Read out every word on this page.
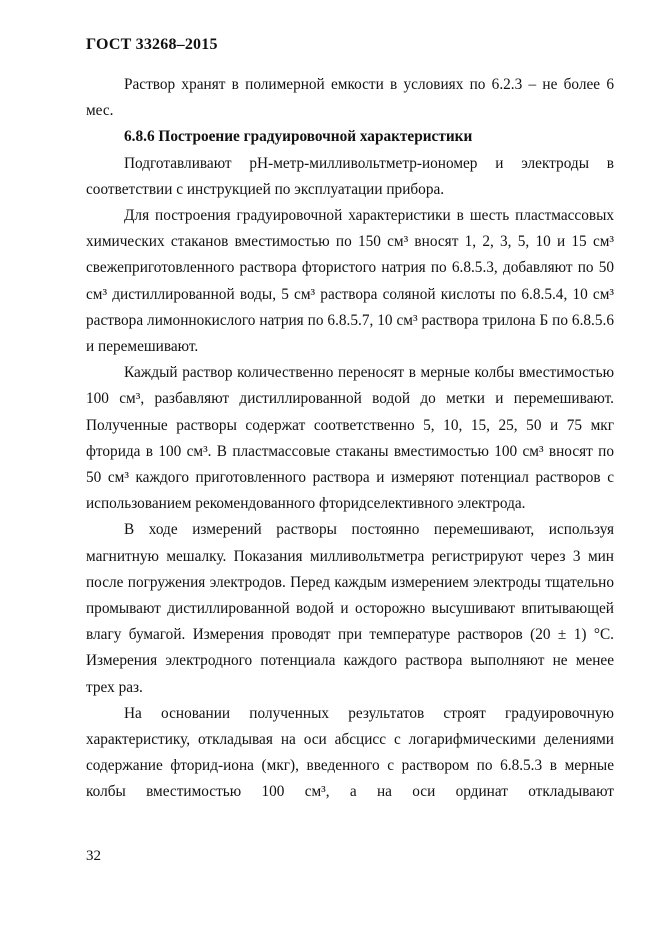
ГОСТ 33268–2015

Раствор хранят в полимерной емкости в условиях по 6.2.3 – не более 6 мес.

6.8.6 Построение градуировочной характеристики

Подготавливают рН-метр-милливольтметр-иономер и электроды в соответствии с инструкцией по эксплуатации прибора.

Для построения градуировочной характеристики в шесть пластмассовых химических стаканов вместимостью по 150 см³ вносят 1, 2, 3, 5, 10 и 15 см³ свежеприготовленного раствора фтористого натрия по 6.8.5.3, добавляют по 50 см³ дистиллированной воды, 5 см³ раствора соляной кислоты по 6.8.5.4, 10 см³ раствора лимоннокислого натрия по 6.8.5.7, 10 см³ раствора трилона Б по 6.8.5.6 и перемешивают.

Каждый раствор количественно переносят в мерные колбы вместимостью 100 см³, разбавляют дистиллированной водой до метки и перемешивают. Полученные растворы содержат соответственно 5, 10, 15, 25, 50 и 75 мкг фторида в 100 см³. В пластмассовые стаканы вместимостью 100 см³ вносят по 50 см³ каждого приготовленного раствора и измеряют потенциал растворов с использованием рекомендованного фторидселективного электрода.

В ходе измерений растворы постоянно перемешивают, используя магнитную мешалку. Показания милливольтметра регистрируют через 3 мин после погружения электродов. Перед каждым измерением электроды тщательно промывают дистиллированной водой и осторожно высушивают впитывающей влагу бумагой. Измерения проводят при температуре растворов (20 ± 1) °С. Измерения электродного потенциала каждого раствора выполняют не менее трех раз.

На основании полученных результатов строят градуировочную характеристику, откладывая на оси абсцисс с логарифмическими делениями содержание фторид-иона (мкг), введенного с раствором по 6.8.5.3 в мерные колбы вместимостью 100 см³, а на оси ординат откладывают

32
